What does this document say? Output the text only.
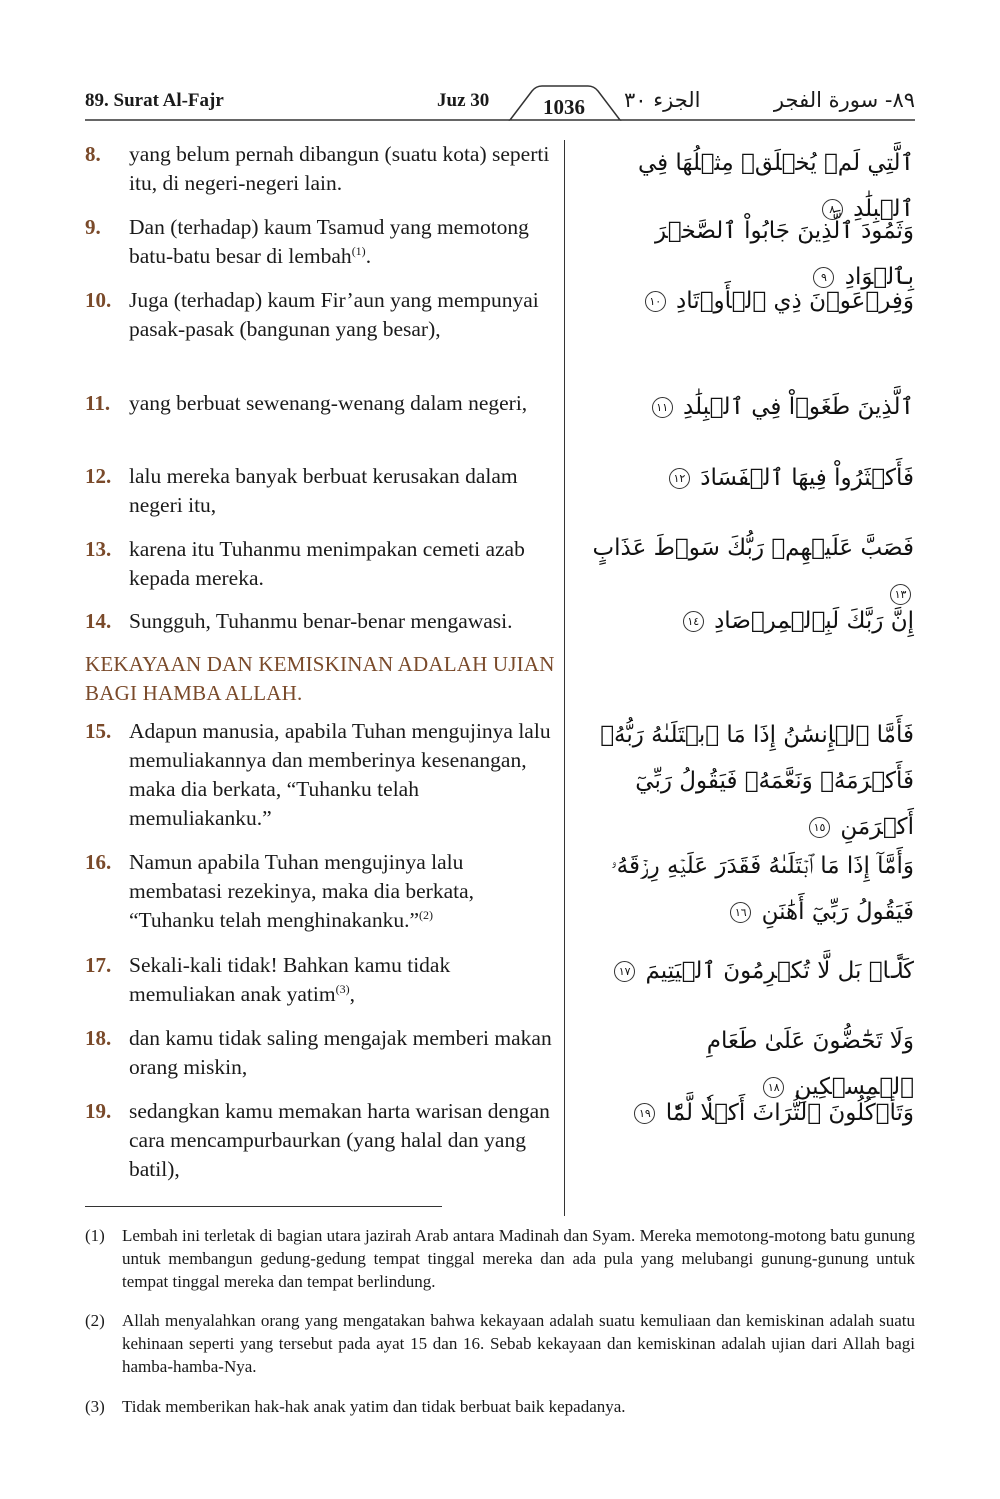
89. Surat Al-Fajr	Juz 30	1036	الجزء ٣٠	٨٩- سورة الفجر
8.	yang belum pernah dibangun (suatu kota) seperti itu, di negeri-negeri lain.
ٱلَّتِي لَمۡ يُخۡلَقۡ مِثۡلُهَا فِي ٱلۡبِلَٰدِ ٨
9.	Dan (terhadap) kaum Tsamud yang memotong batu-batu besar di lembah$^{(1)}$.
وَثَمُودَ ٱلَّذِينَ جَابُواْ ٱلصَّخۡرَ بِٱلۡوَادِ ٩
10. Juga (terhadap) kaum Fir’aun yang mempunyai pasak-pasak (bangunan yang besar),
وَفِرۡعَوۡنَ ذِي ٱلۡأَوۡتَادِ ١٠
11. yang berbuat sewenang-wenang dalam negeri,	ٱلَّذِينَ طَغَوۡاْ فِي ٱلۡبِلَٰدِ ١١
12. lalu mereka banyak berbuat kerusakan dalam negeri itu,
فَأَكۡثَرُواْ فِيهَا ٱلۡفَسَادَ ١٢
13. karena itu Tuhanmu menimpakan cemeti azab kepada mereka.
فَصَبَّ عَلَيۡهِمۡ رَبُّكَ سَوۡطَ عَذَابٍ ١٣
14. Sungguh, Tuhanmu benar-benar mengawasi.	إِنَّ رَبَّكَ لَبِٱلۡمِرۡصَادِ ١٤
KEKAYAAN DAN KEMISKINAN ADALAH UJIAN BAGI HAMBA ALLAH.
15. Adapun manusia, apabila Tuhan mengujinya lalu memuliakannya dan memberinya kesenangan, maka dia berkata, “Tuhanku telah memuliakanku.”
فَأَمَّا ٱلۡإِنسَٰنُ إِذَا مَا ٱبۡتَلَىٰهُ رَبُّهُۥ فَأَكۡرَمَهُۥ وَنَعَّمَهُۥ فَيَقُولُ رَبِّيٓ أَكۡرَمَنِ ١٥
16. Namun apabila Tuhan mengujinya lalu membatasi rezekinya, maka dia berkata, “Tuhanku telah menghinakanku.”$^{(2)}$
وَأَمَّآ إِذَا مَا ٱبۡتَلَىٰهُ فَقَدَرَ عَلَيۡهِ رِزۡقَهُۥ فَيَقُولُ رَبِّيٓ أَهَٰنَنِ ١٦
17. Sekali-kali tidak! Bahkan kamu tidak memuliakan anak yatim$^{(3)}$,
كَلَّاۖ بَل لَّا تُكۡرِمُونَ ٱلۡيَتِيمَ ١٧
18. dan kamu tidak saling mengajak memberi makan orang miskin,
وَلَا تَحَٰٓضُّونَ عَلَىٰ طَعَامِ ٱلۡمِسۡكِينِ ١٨
19. sedangkan kamu memakan harta warisan dengan cara mencampurbaurkan (yang halal dan yang batil),
وَتَأۡكُلُونَ ٱلتُّرَاثَ أَكۡلٗا لَّمّٗا ١٩
(1) Lembah ini terletak di bagian utara jazirah Arab antara Madinah dan Syam. Mereka memotong-motong batu gunung untuk membangun gedung-gedung tempat tinggal mereka dan ada pula yang melubangi gunung-gunung untuk tempat tinggal mereka dan tempat berlindung.
(2) Allah menyalahkan orang yang mengatakan bahwa kekayaan adalah suatu kemuliaan dan kemiskinan adalah suatu kehinaan seperti yang tersebut pada ayat 15 dan 16. Sebab kekayaan dan kemiskinan adalah ujian dari Allah bagi hamba-hamba-Nya.
(3) Tidak memberikan hak-hak anak yatim dan tidak berbuat baik kepadanya.
